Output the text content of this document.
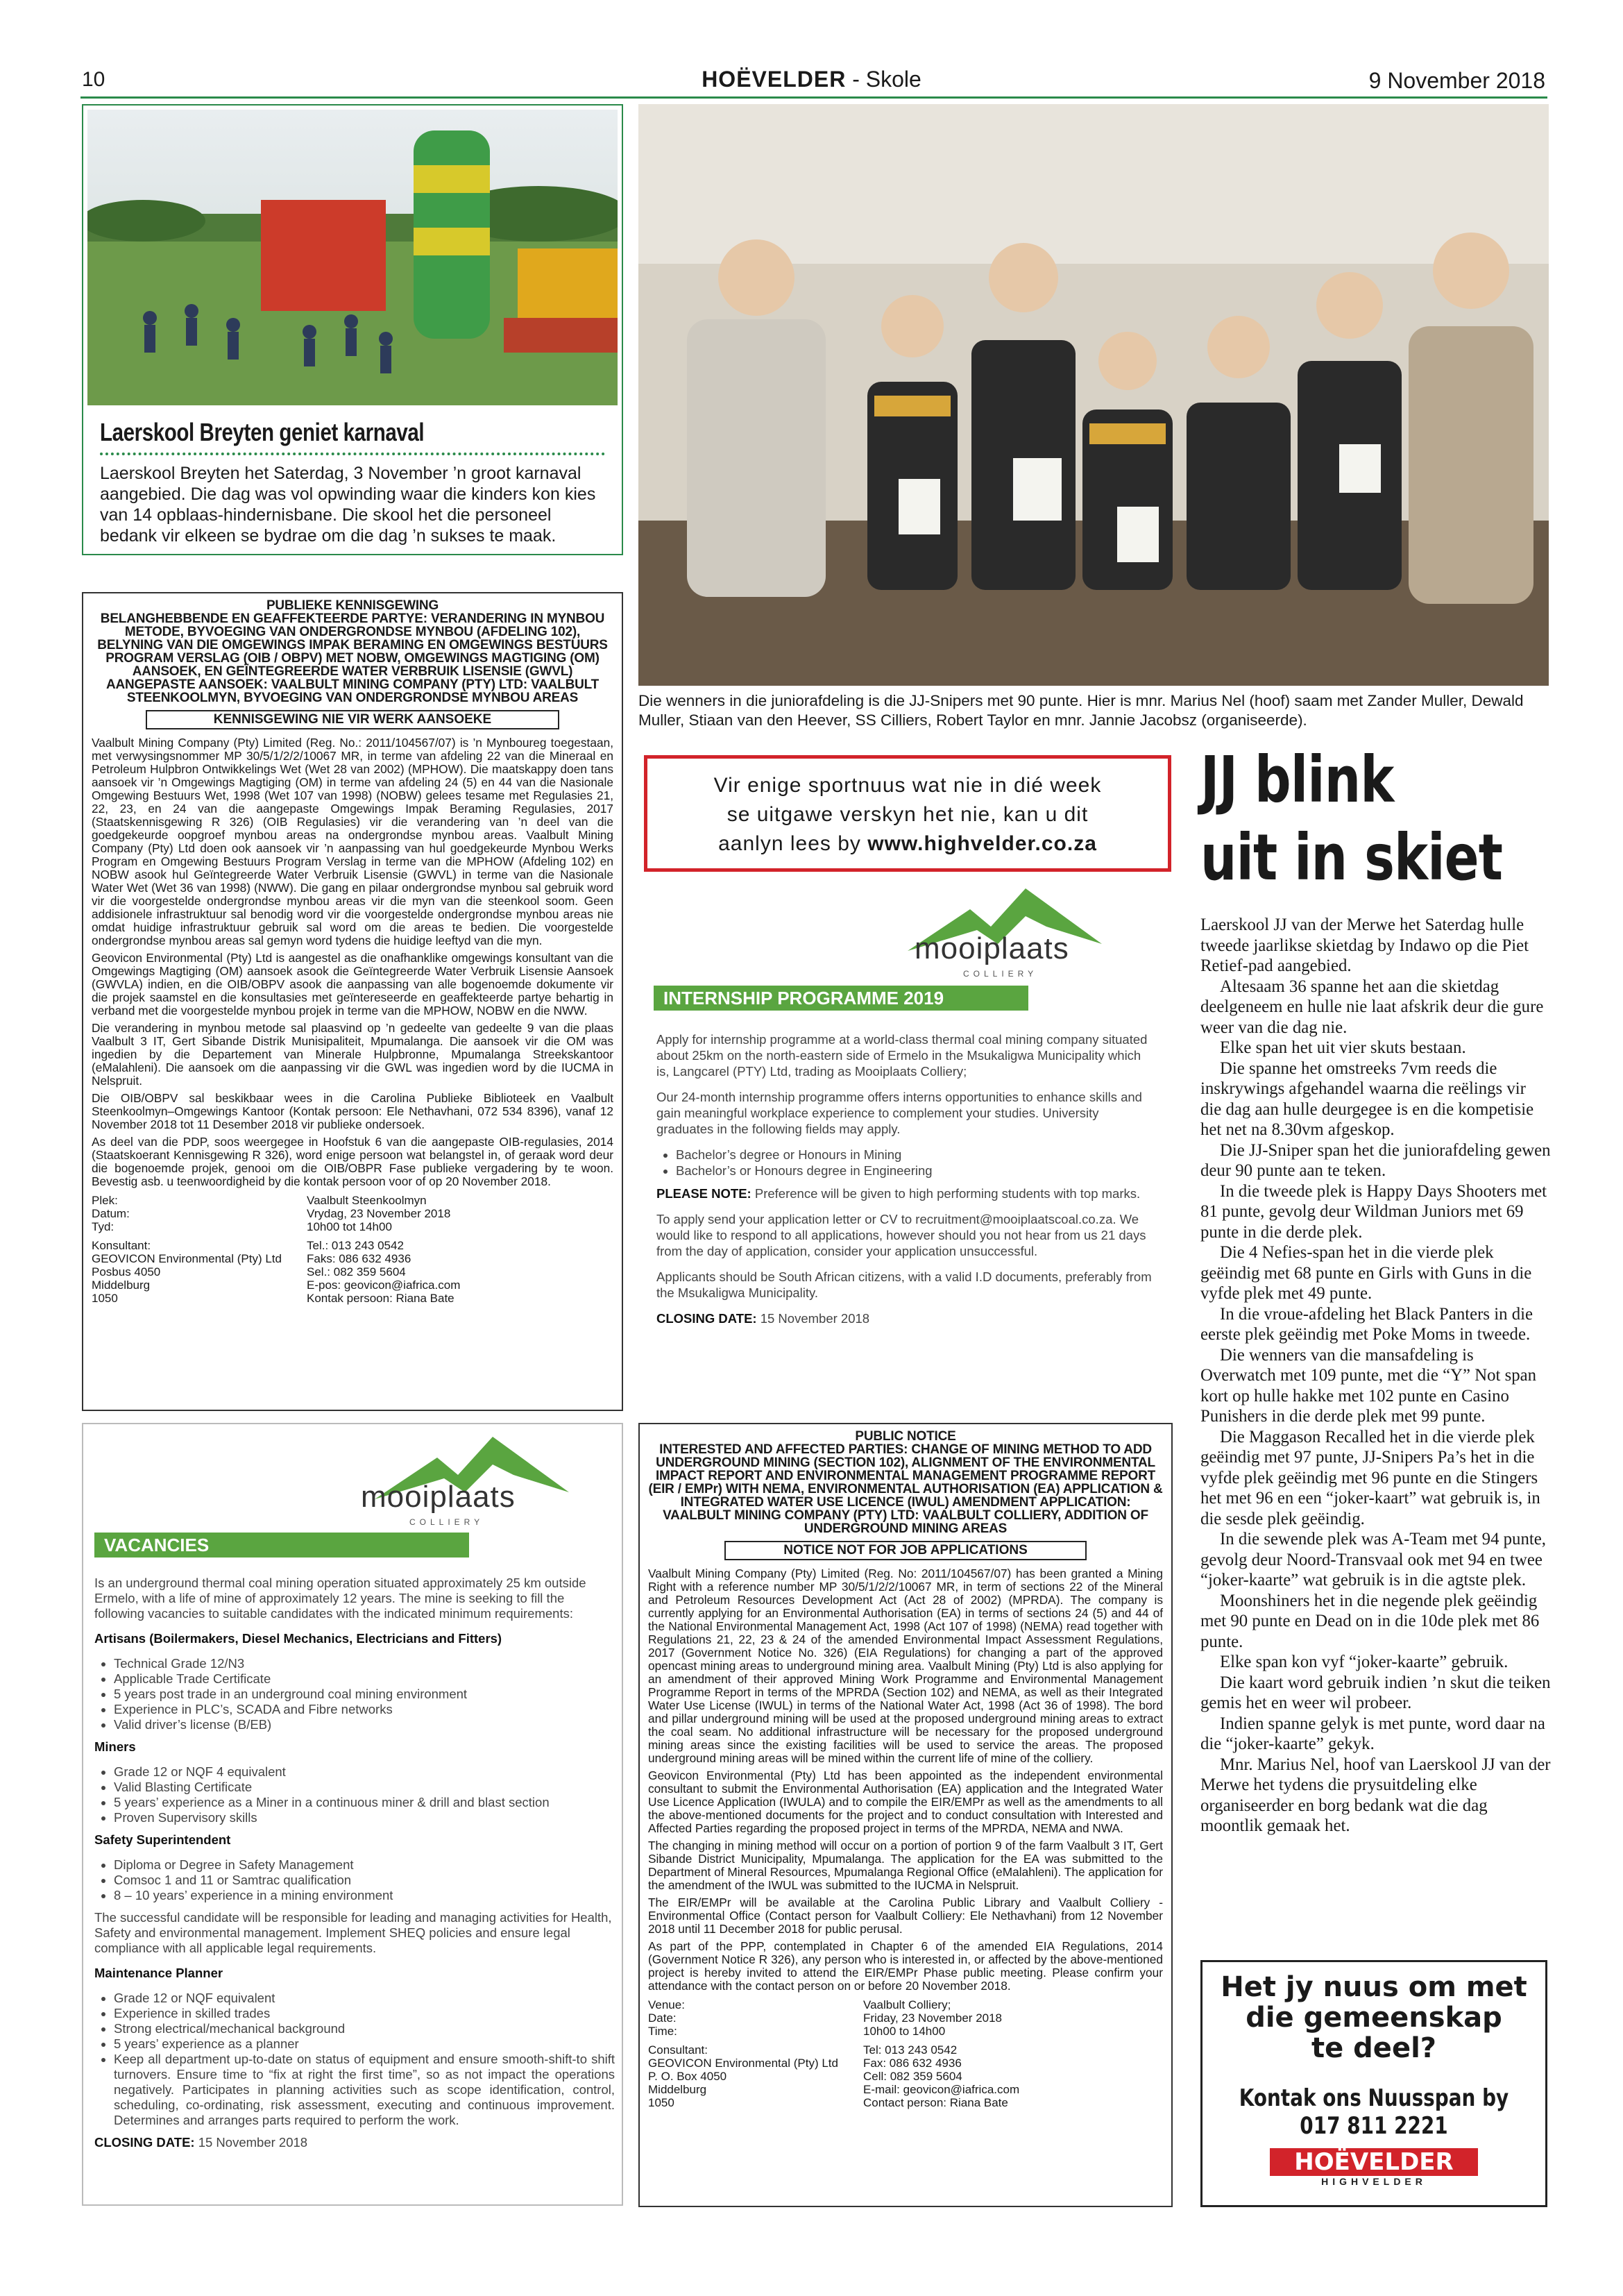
10	HOËVELDER - Skole	9 November 2018
Laerskool Breyten geniet karnaval
Laerskool Breyten het Saterdag, 3 November ’n groot karnaval aangebied. Die dag was vol opwinding waar die kinders kon kies van 14 opblaas-hindernisbane. Die skool het die personeel bedank vir elkeen se bydrae om die dag ’n sukses te maak.
Die wenners in die juniorafdeling is die JJ-Snipers met 90 punte. Hier is mnr. Marius Nel (hoof) saam met Zander Muller, Dewald Muller, Stiaan van den Heever, SS Cilliers, Robert Taylor en mnr. Jannie Jacobsz (organiseerde).
PUBLIEKE KENNISGEWING
BELANGHEBBENDE EN GEAFFEKTEERDE PARTYE: VERANDERING IN MYNBOU METODE, BYVOEGING VAN ONDERGRONDSE MYNBOU (AFDELING 102), BELYNING VAN DIE OMGEWINGS IMPAK BERAMING EN OMGEWINGS BESTUURS PROGRAM VERSLAG (OIB / OBPV) MET NOBW, OMGEWINGS MAGTIGING (OM) AANSOEK, EN GEÏNTEGREERDE WATER VERBRUIK LISENSIE (GWVL) AANGEPASTE AANSOEK: VAALBULT MINING COMPANY (PTY) LTD: VAALBULT STEENKOOLMYN, BYVOEGING VAN ONDERGRONDSE MYNBOU AREAS
KENNISGEWING NIE VIR WERK AANSOEKE

Vaalbult Mining Company (Pty) Limited (Reg. No.: 2011/104567/07) is ’n Mynboureg toegestaan, met verwysingsnommer MP 30/5/1/2/2/10067 MR, in terme van afdeling 22 van die Mineraal en Petroleum Hulpbron Ontwikkelings Wet (Wet 28 van 2002) (MPHOW). Die maatskappy doen tans aansoek vir ’n Omgewings Magtiging (OM) in terme van afdeling 24 (5) en 44 van die Nasionale Omgewing Bestuurs Wet, 1998 (Wet 107 van 1998) (NOBW) gelees tesame met Regulasies 21, 22, 23, en 24 van die aangepaste Omgewings Impak Beraming Regulasies, 2017 (Staatskennisgewing R 326) (OIB Regulasies) vir die verandering van ’n deel van die goedgekeurde oopgroef mynbou areas na ondergrondse mynbou areas. Vaalbult Mining Company (Pty) Ltd doen ook aansoek vir ’n aanpassing van hul goedgekeurde Mynbou Werks Program en Omgewing Bestuurs Program Verslag in terme van die MPHOW (Afdeling 102) en NOBW asook hul Geïntegreerde Water Verbruik Lisensie (GWVL) in terme van die Nasionale Water Wet (Wet 36 van 1998) (NWW). Die gang en pilaar ondergrondse mynbou sal gebruik word vir die voorgestelde ondergrondse mynbou areas vir die myn van die steenkool soom. Geen addisionele infrastruktuur sal benodig word vir die voorgestelde ondergrondse mynbou areas nie omdat huidige infrastruktuur gebruik sal word om die areas te bedien. Die voorgestelde ondergrondse mynbou areas sal gemyn word tydens die huidige leeftyd van die myn.

Geovicon Environmental (Pty) Ltd is aangestel as die onafhanklike omgewings konsultant van die Omgewings Magtiging (OM) aansoek asook die Geïntegreerde Water Verbruik Lisensie Aansoek (GWVLA) indien, en die OIB/OBPV asook die aanpassing van alle bogenoemde dokumente vir die projek saamstel en die konsultasies met geïntereseerde en geaffekteerde partye behartig in verband met die voorgestelde mynbou projek in terme van die MPHOW, NOBW en die NWW.

Die verandering in mynbou metode sal plaasvind op ’n gedeelte van gedeelte 9 van die plaas Vaalbult 3 IT, Gert Sibande Distrik Munisipaliteit, Mpumalanga. Die aansoek vir die OM was ingedien by die Departement van Minerale Hulpbronne, Mpumalanga Streekskantoor (eMalahleni). Die aansoek om die aanpassing vir die GWL was ingedien word by die IUCMA in Nelspruit.

Die OIB/OBPV sal beskikbaar wees in die Carolina Publieke Biblioteek en Vaalbult Steenkoolmyn–Omgewings Kantoor (Kontak persoon: Ele Nethavhani, 072 534 8396), vanaf 12 November 2018 tot 11 Desember 2018 vir publieke ondersoek.

As deel van die PDP, soos weergegee in Hoofstuk 6 van die aangepaste OIB-regulasies, 2014 (Staatskoerant Kennisgewing R 326), word enige persoon wat belangstel in, of geraak word deur die bogenoemde projek, genooi om die OIB/OBPR Fase publieke vergadering by te woon. Bevestig asb. u teenwoordigheid by die kontak persoon voor of op 20 November 2018.

Plek:	Vaalbult Steenkoolmyn
Datum:	Vrydag, 23 November 2018
Tyd:	10h00 tot 14h00
Konsultant:
GEOVICON Environmental (Pty) Ltd
Posbus 4050
Middelburg
1050
Tel.: 013 243 0542
Faks: 086 632 4936
Sel.: 082 359 5604
E-pos: geovicon@iafrica.com
Kontak persoon: Riana Bate
Vir enige sportnuus wat nie in dié week
se uitgawe verskyn het nie, kan u dit
aanlyn lees by www.highvelder.co.za
mooiplaats
COLLIERY
INTERNSHIP PROGRAMME 2019

Apply for internship programme at a world-class thermal coal mining company situated about 25km on the north-eastern side of Ermelo in the Msukaligwa Municipality which is, Langcarel (PTY) Ltd, trading as Mooiplaats Colliery;

Our 24-month internship programme offers interns opportunities to enhance skills and gain meaningful workplace experience to complement your studies. University graduates in the following fields may apply.

• Bachelor’s degree or Honours in Mining
• Bachelor’s or Honours degree in Engineering

PLEASE NOTE: Preference will be given to high performing students with top marks.

To apply send your application letter or CV to recruitment@mooiplaatscoal.co.za. We would like to respond to all applications, however should you not hear from us 21 days from the day of application, consider your application unsuccessful.

Applicants should be South African citizens, with a valid I.D documents, preferably from the Msukaligwa Municipality.

CLOSING DATE: 15 November 2018

mooiplaats
COLLIERY
VACANCIES

Is an underground thermal coal mining operation situated approximately 25 km outside Ermelo, with a life of mine of approximately 12 years. The mine is seeking to fill the following vacancies to suitable candidates with the indicated minimum requirements:

Artisans (Boilermakers, Diesel Mechanics, Electricians and Fitters)

• Technical Grade 12/N3
• Applicable Trade Certificate
• 5 years post trade in an underground coal mining environment
• Experience in PLC’s, SCADA and Fibre networks
• Valid driver’s license (B/EB)

Miners

• Grade 12 or NQF 4 equivalent
• Valid Blasting Certificate
• 5 years’ experience as a Miner in a continuous miner & drill and blast section
• Proven Supervisory skills

Safety Superintendent

• Diploma or Degree in Safety Management
• Comsoc 1 and 11 or Samtrac qualification
• 8 – 10 years’ experience in a mining environment

The successful candidate will be responsible for leading and managing activities for Health, Safety and environmental management. Implement SHEQ policies and ensure legal compliance with all applicable legal requirements.

Maintenance Planner

• Grade 12 or NQF equivalent
• Experience in skilled trades
• Strong electrical/mechanical background
• 5 years’ experience as a planner
• Keep all department up-to-date on status of equipment and ensure smooth-shift-to shift turnovers. Ensure time to “fix at right the first time”, so as not impact the operations negatively. Participates in planning activities such as scope identification, control, scheduling, co-ordinating, risk assessment, executing and continuous improvement. Determines and arranges parts required to perform the work.

CLOSING DATE: 15 November 2018

PUBLIC NOTICE
INTERESTED AND AFFECTED PARTIES: CHANGE OF MINING METHOD TO ADD UNDERGROUND MINING (SECTION 102), ALIGNMENT OF THE ENVIRONMENTAL IMPACT REPORT AND ENVIRONMENTAL MANAGEMENT PROGRAMME REPORT (EIR / EMPr) WITH NEMA, ENVIRONMENTAL AUTHORISATION (EA) APPLICATION & INTEGRATED WATER USE LICENCE (IWUL) AMENDMENT APPLICATION: VAALBULT MINING COMPANY (PTY) LTD: VAALBULT COLLIERY, ADDITION OF UNDERGROUND MINING AREAS
NOTICE NOT FOR JOB APPLICATIONS

Vaalbult Mining Company (Pty) Limited (Reg. No: 2011/104567/07) has been granted a Mining Right with a reference number MP 30/5/1/2/2/10067 MR, in term of sections 22 of the Mineral and Petroleum Resources Development Act (Act 28 of 2002) (MPRDA). The company is currently applying for an Environmental Authorisation (EA) in terms of sections 24 (5) and 44 of the National Environmental Management Act, 1998 (Act 107 of 1998) (NEMA) read together with Regulations 21, 22, 23 & 24 of the amended Environmental Impact Assessment Regulations, 2017 (Government Notice No. 326) (EIA Regulations) for changing a part of the approved opencast mining areas to underground mining area. Vaalbult Mining (Pty) Ltd is also applying for an amendment of their approved Mining Work Programme and Environmental Management Programme Report in terms of the MPRDA (Section 102) and NEMA, as well as their Integrated Water Use License (IWUL) in terms of the National Water Act, 1998 (Act 36 of 1998). The bord and pillar underground mining will be used at the proposed underground mining areas to extract the coal seam. No additional infrastructure will be necessary for the proposed underground mining areas since the existing facilities will be used to service the areas. The proposed underground mining areas will be mined within the current life of mine of the colliery.

Geovicon Environmental (Pty) Ltd has been appointed as the independent environmental consultant to submit the Environmental Authorisation (EA) application and the Integrated Water Use Licence Application (IWULA) and to compile the EIR/EMPr as well as the amendments to all the above-mentioned documents for the project and to conduct consultation with Interested and Affected Parties regarding the proposed project in terms of the MPRDA, NEMA and NWA.

The changing in mining method will occur on a portion of portion 9 of the farm Vaalbult 3 IT, Gert Sibande District Municipality, Mpumalanga. The application for the EA was submitted to the Department of Mineral Resources, Mpumalanga Regional Office (eMalahleni). The application for the amendment of the IWUL was submitted to the IUCMA in Nelspruit.

The EIR/EMPr will be available at the Carolina Public Library and Vaalbult Colliery - Environmental Office (Contact person for Vaalbult Colliery: Ele Nethavhani) from 12 November 2018 until 11 December 2018 for public perusal.

As part of the PPP, contemplated in Chapter 6 of the amended EIA Regulations, 2014 (Government Notice R 326), any person who is interested in, or affected by the above-mentioned project is hereby invited to attend the EIR/EMPr Phase public meeting. Please confirm your attendance with the contact person on or before 20 November 2018.

Venue:	Vaalbult Colliery;
Date:	Friday, 23 November 2018
Time:	10h00 to 14h00
Consultant:
GEOVICON Environmental (Pty) Ltd
P. O. Box 4050
Middelburg
1050
Tel: 013 243 0542
Fax: 086 632 4936
Cell: 082 359 5604
E-mail: geovicon@iafrica.com
Contact person: Riana Bate
JJ blink
uit in skiet

Laerskool JJ van der Merwe het Saterdag hulle tweede jaarlikse skietdag by Indawo op die Piet Retief-pad aangebied.

Altesaam 36 spanne het aan die skietdag deelgeneem en hulle nie laat afskrik deur die gure weer van die dag nie.

Elke span het uit vier skuts bestaan.

Die spanne het omstreeks 7vm reeds die inskrywings afgehandel waarna die reëlings vir die dag aan hulle deurgegee is en die kompetisie het net na 8.30vm afgeskop.

Die JJ-Sniper span het die juniorafdeling gewen deur 90 punte aan te teken.

In die tweede plek is Happy Days Shooters met 81 punte, gevolg deur Wildman Juniors met 69 punte in die derde plek.

Die 4 Nefies-span het in die vierde plek geëindig met 68 punte en Girls with Guns in die vyfde plek met 49 punte.

In die vroue-afdeling het Black Panters in die eerste plek geëindig met Poke Moms in tweede.

Die wenners van die mansafdeling is Overwatch met 109 punte, met die “Y” Not span kort op hulle hakke met 102 punte en Casino Punishers in die derde plek met 99 punte.

Die Maggason Recalled het in die vierde plek geëindig met 97 punte, JJ-Snipers Pa’s het in die vyfde plek geëindig met 96 punte en die Stingers het met 96 en een “joker-kaart” wat gebruik is, in die sesde plek geëindig.

In die sewende plek was A-Team met 94 punte, gevolg deur Noord-Transvaal ook met 94 en twee “joker-kaarte” wat gebruik is in die agtste plek.

Moonshiners het in die negende plek geëindig met 90 punte en Dead on in die 10de plek met 86 punte.

Elke span kon vyf “joker-kaarte” gebruik.

Die kaart word gebruik indien ’n skut die teiken gemis het en weer wil probeer.

Indien spanne gelyk is met punte, word daar na die “joker-kaarte” gekyk.

Mnr. Marius Nel, hoof van Laerskool JJ van der Merwe het tydens die prysuitdeling elke organiseerder en borg bedank wat die dag moontlik gemaak het.

Het jy nuus om met
die gemeenskap
te deel?
Kontak ons Nuusspan by
017 811 2221
HOËVELDER
HIGHVELDER
